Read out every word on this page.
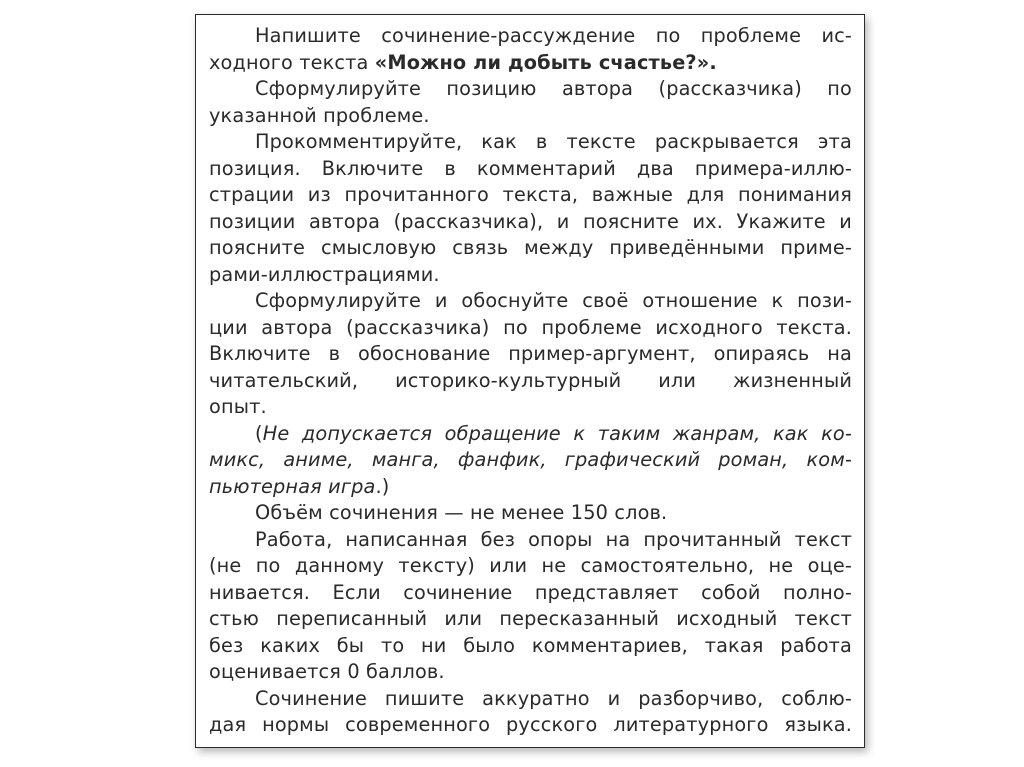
Напишите сочинение-рассуждение по проблеме ис-
ходного текста «Можно ли добыть счастье?».
Сформулируйте позицию автора (рассказчика) по
указанной проблеме.
Прокомментируйте, как в тексте раскрывается эта
позиция. Включите в комментарий два примера-иллю-
страции из прочитанного текста, важные для понимания
позиции автора (рассказчика), и поясните их. Укажите и
поясните смысловую связь между приведёнными приме-
рами-иллюстрациями.
Сформулируйте и обоснуйте своё отношение к пози-
ции автора (рассказчика) по проблеме исходного текста.
Включите в обоснование пример-аргумент, опираясь на
читательский, историко-культурный или жизненный
опыт.
(Не допускается обращение к таким жанрам, как ко-
микс, аниме, манга, фанфик, графический роман, ком-
пьютерная игра.)
Объём сочинения — не менее 150 слов.
Работа, написанная без опоры на прочитанный текст
(не по данному тексту) или не самостоятельно, не оце-
нивается. Если сочинение представляет собой полно-
стью переписанный или пересказанный исходный текст
без каких бы то ни было комментариев, такая работа
оценивается 0 баллов.
Сочинение пишите аккуратно и разборчиво, соблю-
дая нормы современного русского литературного языка.
